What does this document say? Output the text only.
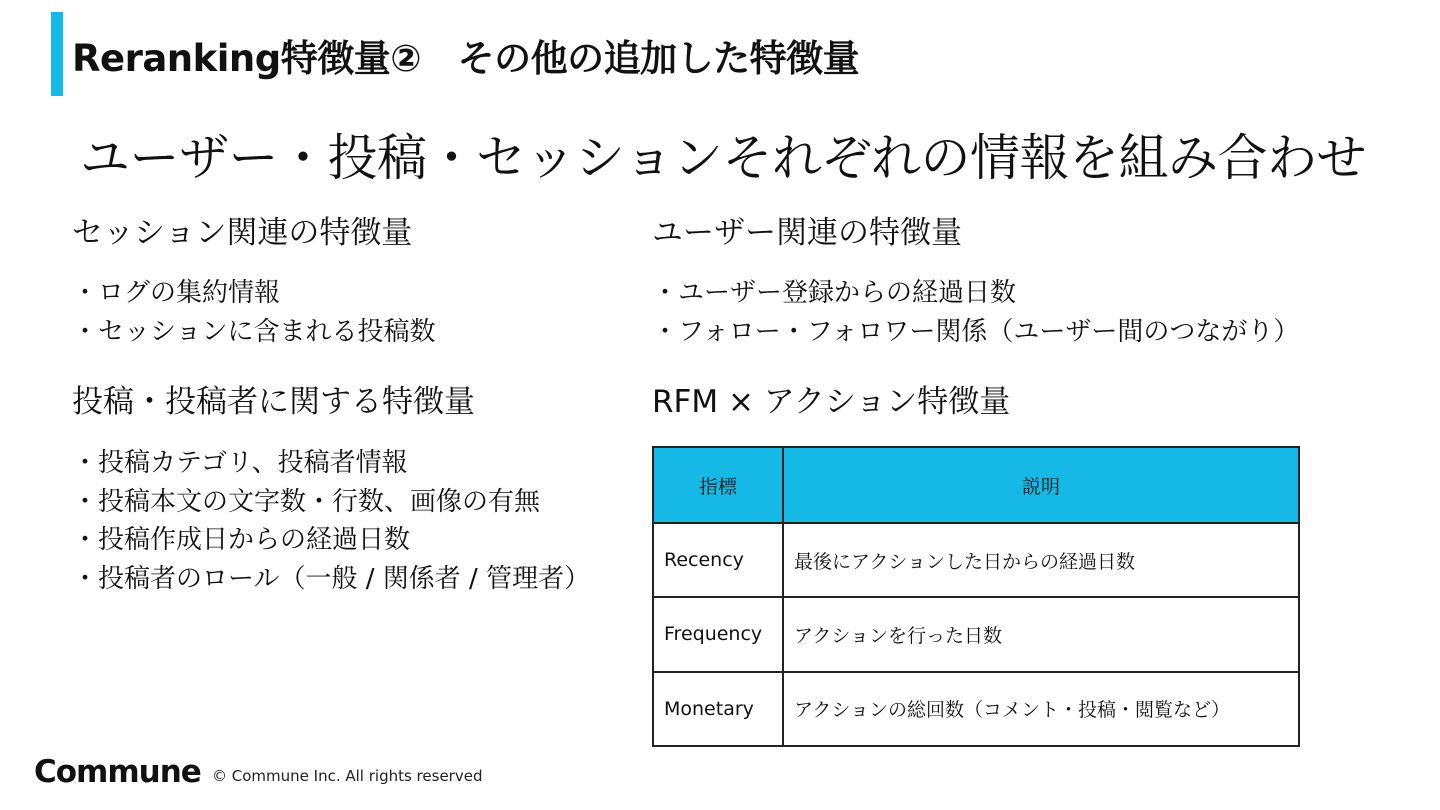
Reranking特徴量②　その他の追加した特徴量
ユーザー・投稿・セッションそれぞれの情報を組み合わせ
セッション関連の特徴量
・ ログの集約情報
・ セッションに含まれる投稿数
投稿・投稿者に関する特徴量
・ 投稿カテゴリ、投稿者情報
・ 投稿本文の文字数・行数、画像の有無
・ 投稿作成日からの経過日数
・ 投稿者のロール（一般 / 関係者 / 管理者）
ユーザー関連の特徴量
・ ユーザー登録からの経過日数
・ フォロー・フォロワー関係（ユーザー間のつながり）
RFM × アクション特徴量
指標	説明
Recency	最後にアクションした日からの経過日数
Frequency	アクションを行った日数
Monetary	アクションの総回数（コメント・投稿・閲覧など）
Commune © Commune Inc. All rights reserved
